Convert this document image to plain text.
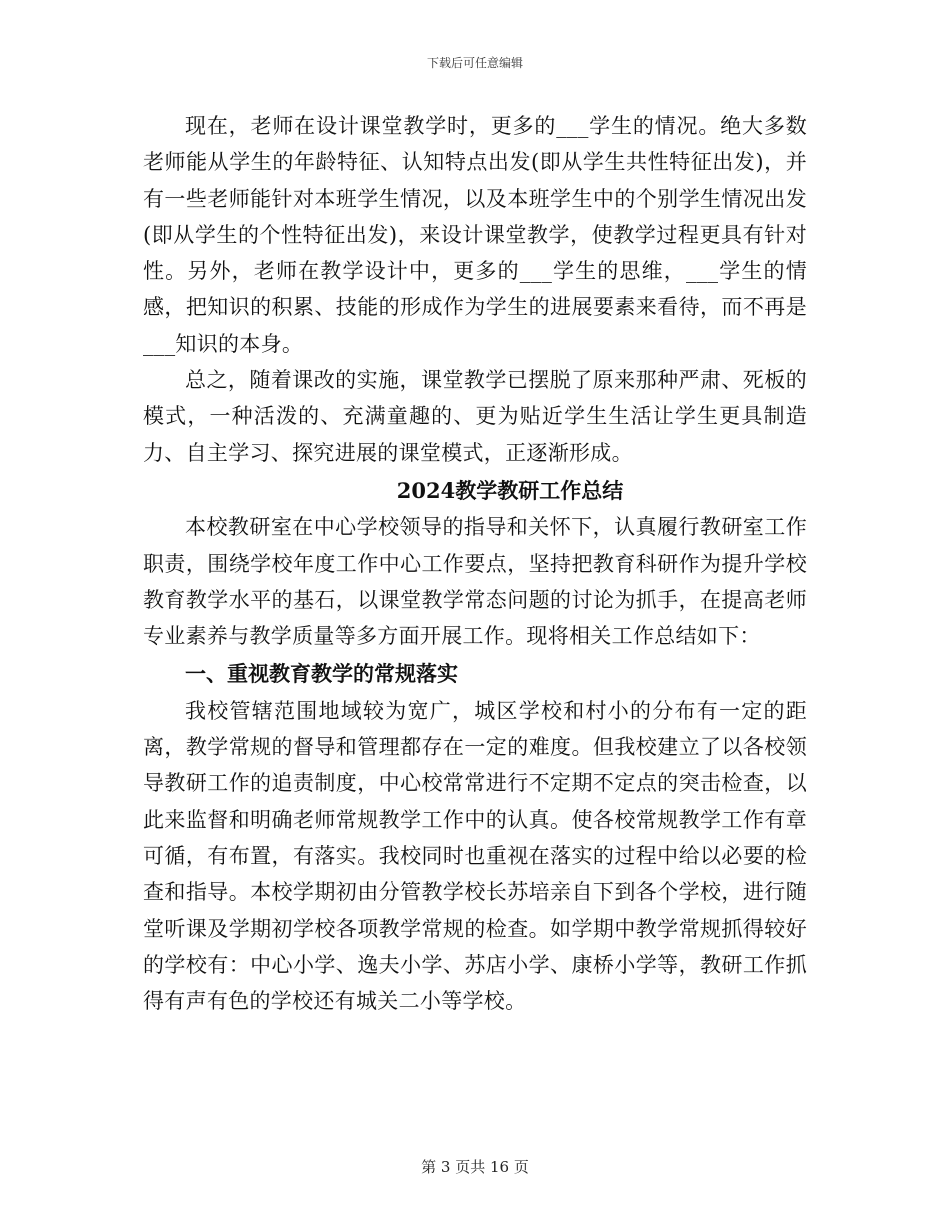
下载后可任意编辑

现在，老师在设计课堂教学时，更多的___学生的情况。绝大多数老师能从学生的年龄特征、认知特点出发(即从学生共性特征出发)，并有一些老师能针对本班学生情况，以及本班学生中的个别学生情况出发(即从学生的个性特征出发)，来设计课堂教学，使教学过程更具有针对性。另外，老师在教学设计中，更多的___学生的思维，___学生的情感，把知识的积累、技能的形成作为学生的进展要素来看待，而不再是___知识的本身。

总之，随着课改的实施，课堂教学已摆脱了原来那种严肃、死板的模式，一种活泼的、充满童趣的、更为贴近学生生活让学生更具制造力、自主学习、探究进展的课堂模式，正逐渐形成。

2024教学教研工作总结

本校教研室在中心学校领导的指导和关怀下，认真履行教研室工作职责，围绕学校年度工作中心工作要点，坚持把教育科研作为提升学校教育教学水平的基石，以课堂教学常态问题的讨论为抓手，在提高老师专业素养与教学质量等多方面开展工作。现将相关工作总结如下：

一、重视教育教学的常规落实

我校管辖范围地域较为宽广，城区学校和村小的分布有一定的距离，教学常规的督导和管理都存在一定的难度。但我校建立了以各校领导教研工作的追责制度，中心校常常进行不定期不定点的突击检查，以此来监督和明确老师常规教学工作中的认真。使各校常规教学工作有章可循，有布置，有落实。我校同时也重视在落实的过程中给以必要的检查和指导。本校学期初由分管教学校长苏培亲自下到各个学校，进行随堂听课及学期初学校各项教学常规的检查。如学期中教学常规抓得较好的学校有：中心小学、逸夫小学、苏店小学、康桥小学等，教研工作抓得有声有色的学校还有城关二小等学校。

第 3 页共 16 页
